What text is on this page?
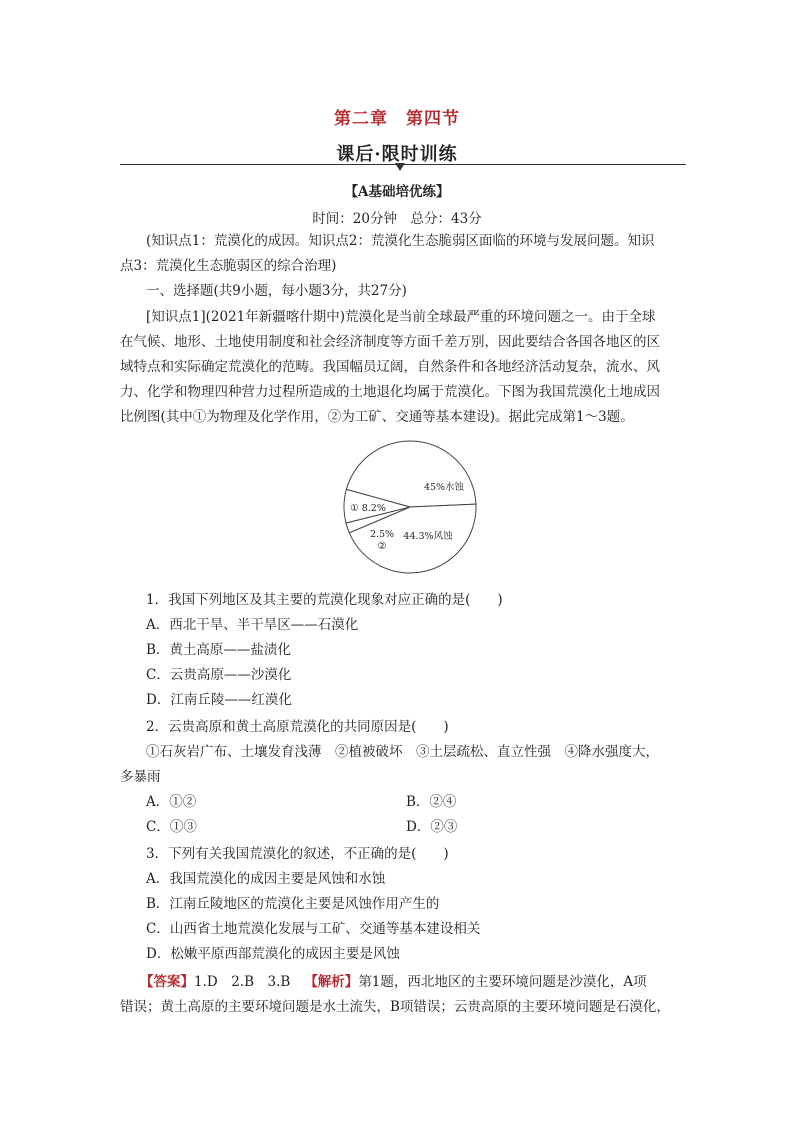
第二章　第四节
课后·限时训练
【A基础培优练】
时间：20分钟　总分：43分
(知识点1：荒漠化的成因。知识点2：荒漠化生态脆弱区面临的环境与发展问题。知识
点3：荒漠化生态脆弱区的综合治理)
一、选择题(共9小题，每小题3分，共27分)
[知识点1](2021年新疆喀什期中)荒漠化是当前全球最严重的环境问题之一。由于全球
在气候、地形、土地使用制度和社会经济制度等方面千差万别，因此要结合各国各地区的区
域特点和实际确定荒漠化的范畴。我国幅员辽阔，自然条件和各地经济活动复杂，流水、风
力、化学和物理四种营力过程所造成的土地退化均属于荒漠化。下图为我国荒漠化土地成因
比例图(其中①为物理及化学作用，②为工矿、交通等基本建设)。据此完成第1～3题。
45%水蚀
44.3%风蚀
2.5%
②
① 8.2%
1．我国下列地区及其主要的荒漠化现象对应正确的是(　　)
A．西北干旱、半干旱区——石漠化
B．黄土高原——盐渍化
C．云贵高原——沙漠化
D．江南丘陵——红漠化
2．云贵高原和黄土高原荒漠化的共同原因是(　　)
①石灰岩广布、土壤发育浅薄　②植被破坏　③土层疏松、直立性强　④降水强度大，
多暴雨
A．①②	B．②④
C．①③	D．②③
3．下列有关我国荒漠化的叙述，不正确的是(　　)
A．我国荒漠化的成因主要是风蚀和水蚀
B．江南丘陵地区的荒漠化主要是风蚀作用产生的
C．山西省土地荒漠化发展与工矿、交通等基本建设相关
D．松嫩平原西部荒漠化的成因主要是风蚀
【答案】1.D　2.B　3.B 【解析】第1题，西北地区的主要环境问题是沙漠化，A项
错误；黄土高原的主要环境问题是水土流失，B项错误；云贵高原的主要环境问题是石漠化，
